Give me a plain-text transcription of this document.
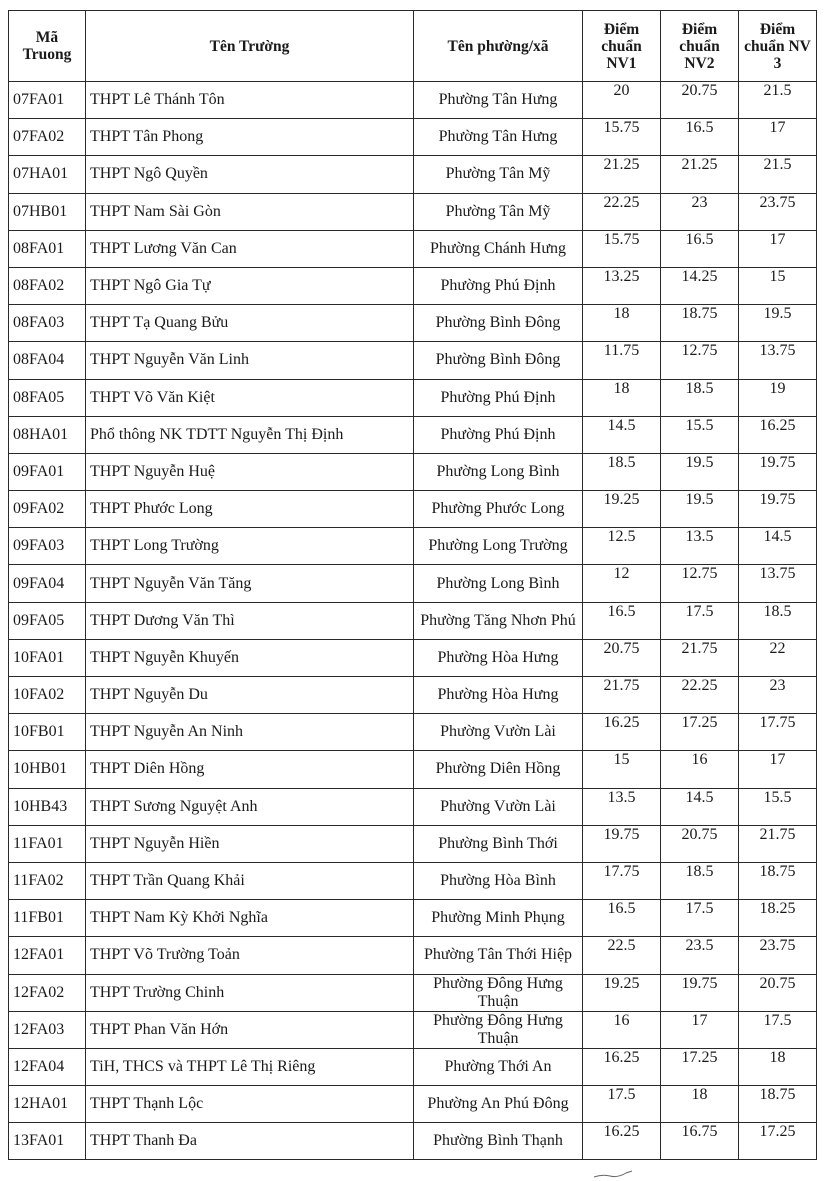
Mã Truong	Tên Trường	Tên phường/xã	Điểm chuẩn NV1	Điểm chuẩn NV2	Điểm chuẩn NV 3
07FA01	THPT Lê Thánh Tôn	Phường Tân Hưng	20	20.75	21.5
07FA02	THPT Tân Phong	Phường Tân Hưng	15.75	16.5	17
07HA01	THPT Ngô Quyền	Phường Tân Mỹ	21.25	21.25	21.5
07HB01	THPT Nam Sài Gòn	Phường Tân Mỹ	22.25	23	23.75
08FA01	THPT Lương Văn Can	Phường Chánh Hưng	15.75	16.5	17
08FA02	THPT Ngô Gia Tự	Phường Phú Định	13.25	14.25	15
08FA03	THPT Tạ Quang Bửu	Phường Bình Đông	18	18.75	19.5
08FA04	THPT Nguyễn Văn Linh	Phường Bình Đông	11.75	12.75	13.75
08FA05	THPT Võ Văn Kiệt	Phường Phú Định	18	18.5	19
08HA01	Phổ thông NK TDTT Nguyễn Thị Định	Phường Phú Định	14.5	15.5	16.25
09FA01	THPT Nguyễn Huệ	Phường Long Bình	18.5	19.5	19.75
09FA02	THPT Phước Long	Phường Phước Long	19.25	19.5	19.75
09FA03	THPT Long Trường	Phường Long Trường	12.5	13.5	14.5
09FA04	THPT Nguyễn Văn Tăng	Phường Long Bình	12	12.75	13.75
09FA05	THPT Dương Văn Thì	Phường Tăng Nhơn Phú	16.5	17.5	18.5
10FA01	THPT Nguyễn Khuyến	Phường Hòa Hưng	20.75	21.75	22
10FA02	THPT Nguyễn Du	Phường Hòa Hưng	21.75	22.25	23
10FB01	THPT Nguyễn An Ninh	Phường Vườn Lài	16.25	17.25	17.75
10HB01	THPT Diên Hồng	Phường Diên Hồng	15	16	17
10HB43	THPT Sương Nguyệt Anh	Phường Vườn Lài	13.5	14.5	15.5
11FA01	THPT Nguyễn Hiền	Phường Bình Thới	19.75	20.75	21.75
11FA02	THPT Trần Quang Khải	Phường Hòa Bình	17.75	18.5	18.75
11FB01	THPT Nam Kỳ Khởi Nghĩa	Phường Minh Phụng	16.5	17.5	18.25
12FA01	THPT Võ Trường Toản	Phường Tân Thới Hiệp	22.5	23.5	23.75
12FA02	THPT Trường Chinh	Phường Đông Hưng Thuận	19.25	19.75	20.75
12FA03	THPT Phan Văn Hớn	Phường Đông Hưng Thuận	16	17	17.5
12FA04	TiH, THCS và THPT Lê Thị Riêng	Phường Thới An	16.25	17.25	18
12HA01	THPT Thạnh Lộc	Phường An Phú Đông	17.5	18	18.75
13FA01	THPT Thanh Đa	Phường Bình Thạnh	16.25	16.75	17.25
